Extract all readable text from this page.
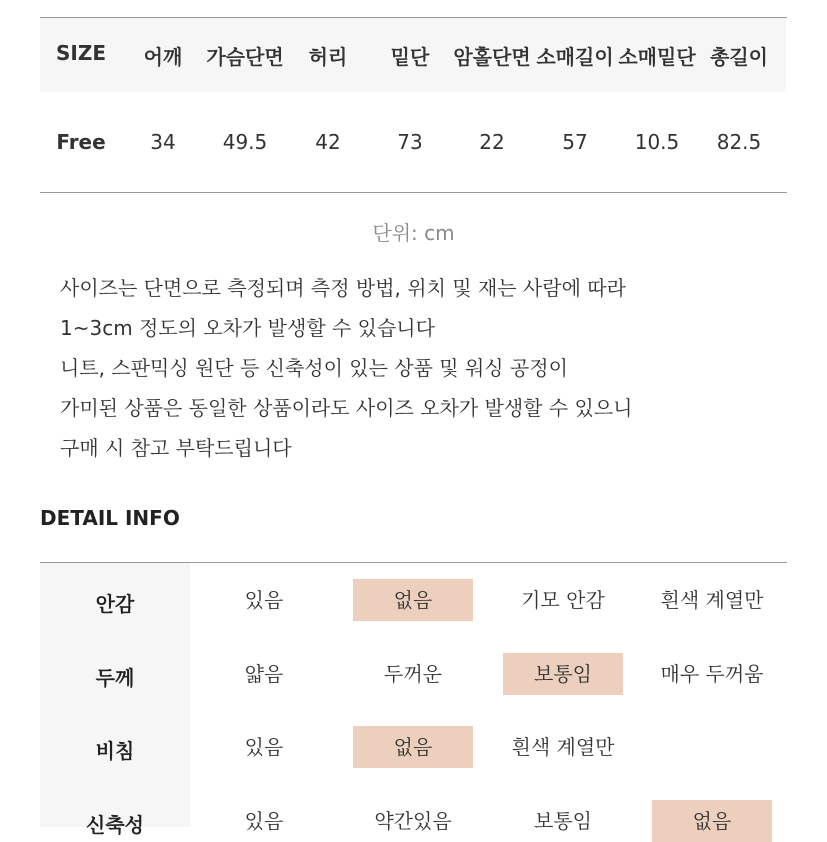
SIZE 어깨 가슴단면 허리 밑단 암홀단면 소매길이 소매밑단 총길이
Free 34 49.5 42	73	22	57 10.5 82.5
단위: cm
사이즈는 단면으로 측정되며 측정 방법, 위치 및 재는 사람에 따라
1~3cm 정도의 오차가 발생할 수 있습니다
니트, 스판믹싱 원단 등 신축성이 있는 상품 및 워싱 공정이
가미된 상품은 동일한 상품이라도 사이즈 오차가 발생할 수 있으니
구매 시 참고 부탁드립니다
DETAIL INFO
안감	있음	없음	기모 안감	흰색 계열만
두께	얇음	두꺼운	보통임	매우 두꺼움
비침	있음	없음	흰색 계열만
신축성	있음	약간있음	보통임	없음
